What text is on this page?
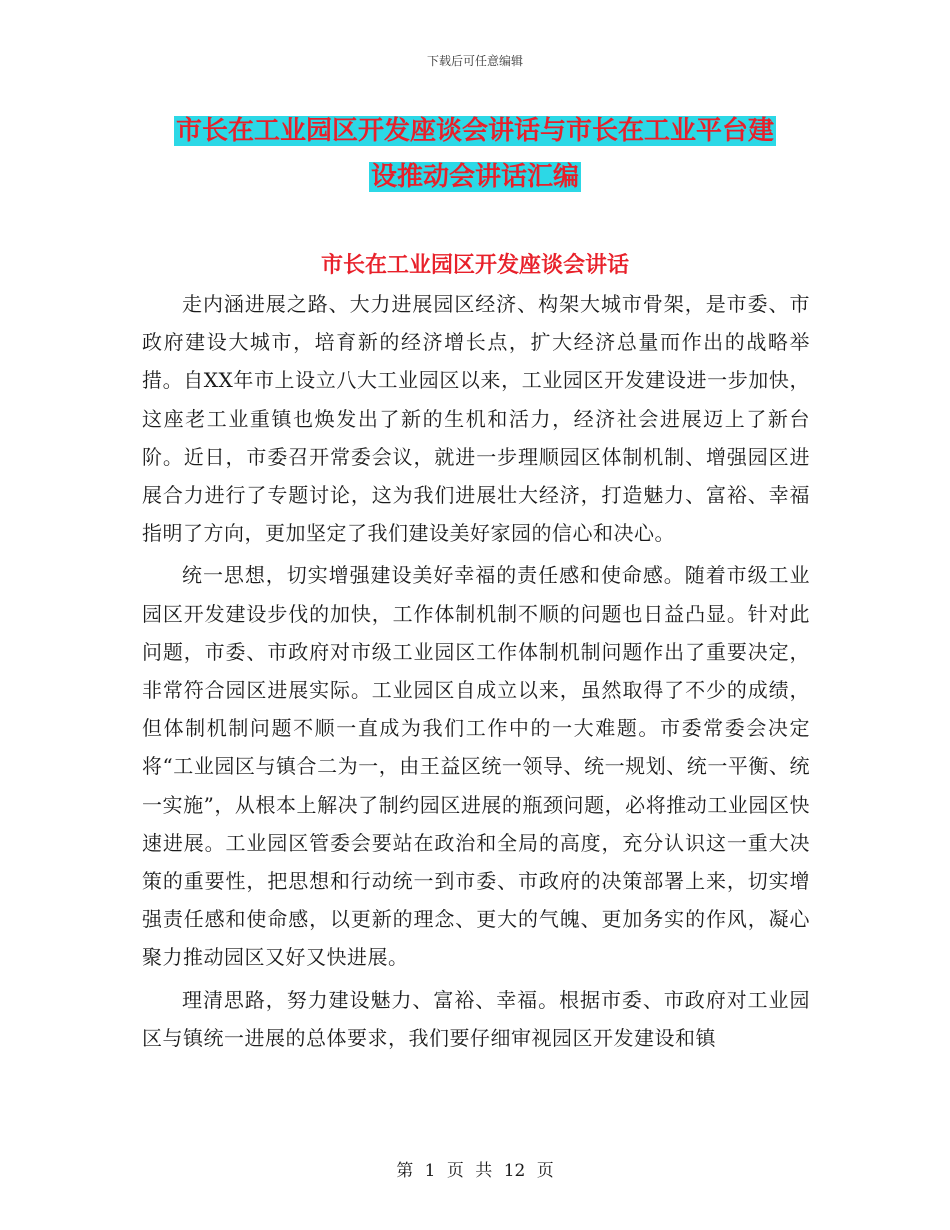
下载后可任意编辑
市长在工业园区开发座谈会讲话与市长在工业平台建
设推动会讲话汇编
市长在工业园区开发座谈会讲话

走内涵进展之路、大力进展园区经济、构架大城市骨架，是市委、市政府建设大城市，培育新的经济增长点，扩大经济总量而作出的战略举措。自XX年市上设立八大工业园区以来，工业园区开发建设进一步加快，这座老工业重镇也焕发出了新的生机和活力，经济社会进展迈上了新台阶。近日，市委召开常委会议，就进一步理顺园区体制机制、增强园区进展合力进行了专题讨论，这为我们进展壮大经济，打造魅力、富裕、幸福指明了方向，更加坚定了我们建设美好家园的信心和决心。

统一思想，切实增强建设美好幸福的责任感和使命感。随着市级工业园区开发建设步伐的加快，工作体制机制不顺的问题也日益凸显。针对此问题，市委、市政府对市级工业园区工作体制机制问题作出了重要决定，非常符合园区进展实际。工业园区自成立以来，虽然取得了不少的成绩，但体制机制问题不顺一直成为我们工作中的一大难题。市委常委会决定将“工业园区与镇合二为一，由王益区统一领导、统一规划、统一平衡、统一实施”，从根本上解决了制约园区进展的瓶颈问题，必将推动工业园区快速进展。工业园区管委会要站在政治和全局的高度，充分认识这一重大决策的重要性，把思想和行动统一到市委、市政府的决策部署上来，切实增强责任感和使命感，以更新的理念、更大的气魄、更加务实的作风，凝心聚力推动园区又好又快进展。

理清思路，努力建设魅力、富裕、幸福。根据市委、市政府对工业园区与镇统一进展的总体要求，我们要仔细审视园区开发建设和镇

第 1 页 共 12 页
